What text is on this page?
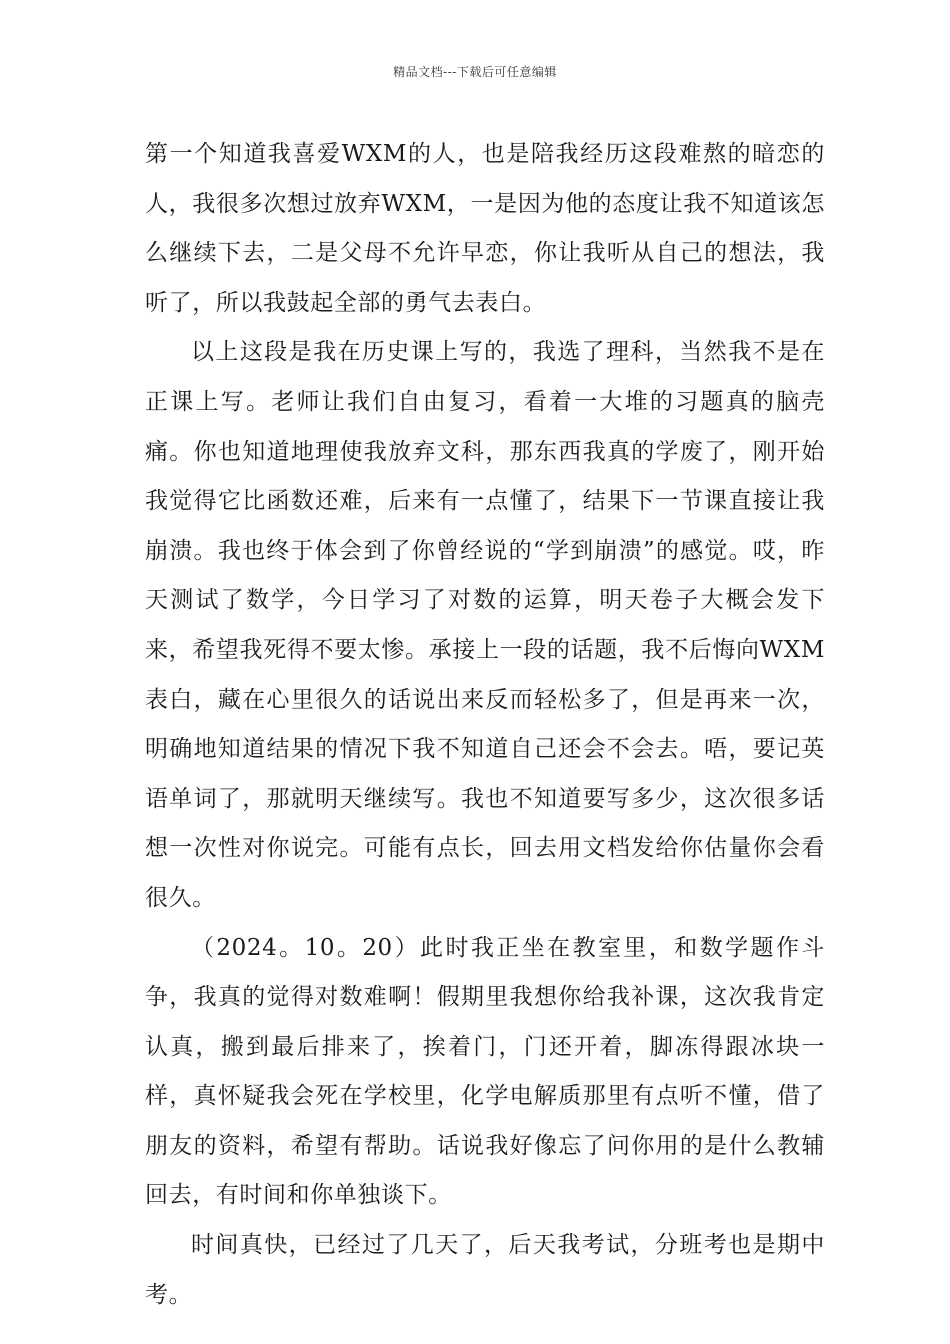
精品文档---下载后可任意编辑

第一个知道我喜爱WXM的人，也是陪我经历这段难熬的暗恋的人，我很多次想过放弃WXM，一是因为他的态度让我不知道该怎么继续下去，二是父母不允许早恋，你让我听从自己的想法，我听了，所以我鼓起全部的勇气去表白。

以上这段是我在历史课上写的，我选了理科，当然我不是在正课上写。老师让我们自由复习，看着一大堆的习题真的脑壳痛。你也知道地理使我放弃文科，那东西我真的学废了，刚开始我觉得它比函数还难，后来有一点懂了，结果下一节课直接让我崩溃。我也终于体会到了你曾经说的“学到崩溃”的感觉。哎，昨天测试了数学，今日学习了对数的运算，明天卷子大概会发下来，希望我死得不要太惨。承接上一段的话题，我不后悔向WXM表白，藏在心里很久的话说出来反而轻松多了，但是再来一次，明确地知道结果的情况下我不知道自己还会不会去。唔，要记英语单词了，那就明天继续写。我也不知道要写多少，这次很多话想一次性对你说完。可能有点长，回去用文档发给你估量你会看很久。

（2024。10。20）此时我正坐在教室里，和数学题作斗争，我真的觉得对数难啊！假期里我想你给我补课，这次我肯定认真，搬到最后排来了，挨着门，门还开着，脚冻得跟冰块一样，真怀疑我会死在学校里，化学电解质那里有点听不懂，借了朋友的资料，希望有帮助。话说我好像忘了问你用的是什么教辅回去，有时间和你单独谈下。

时间真快，已经过了几天了，后天我考试，分班考也是期中考。
